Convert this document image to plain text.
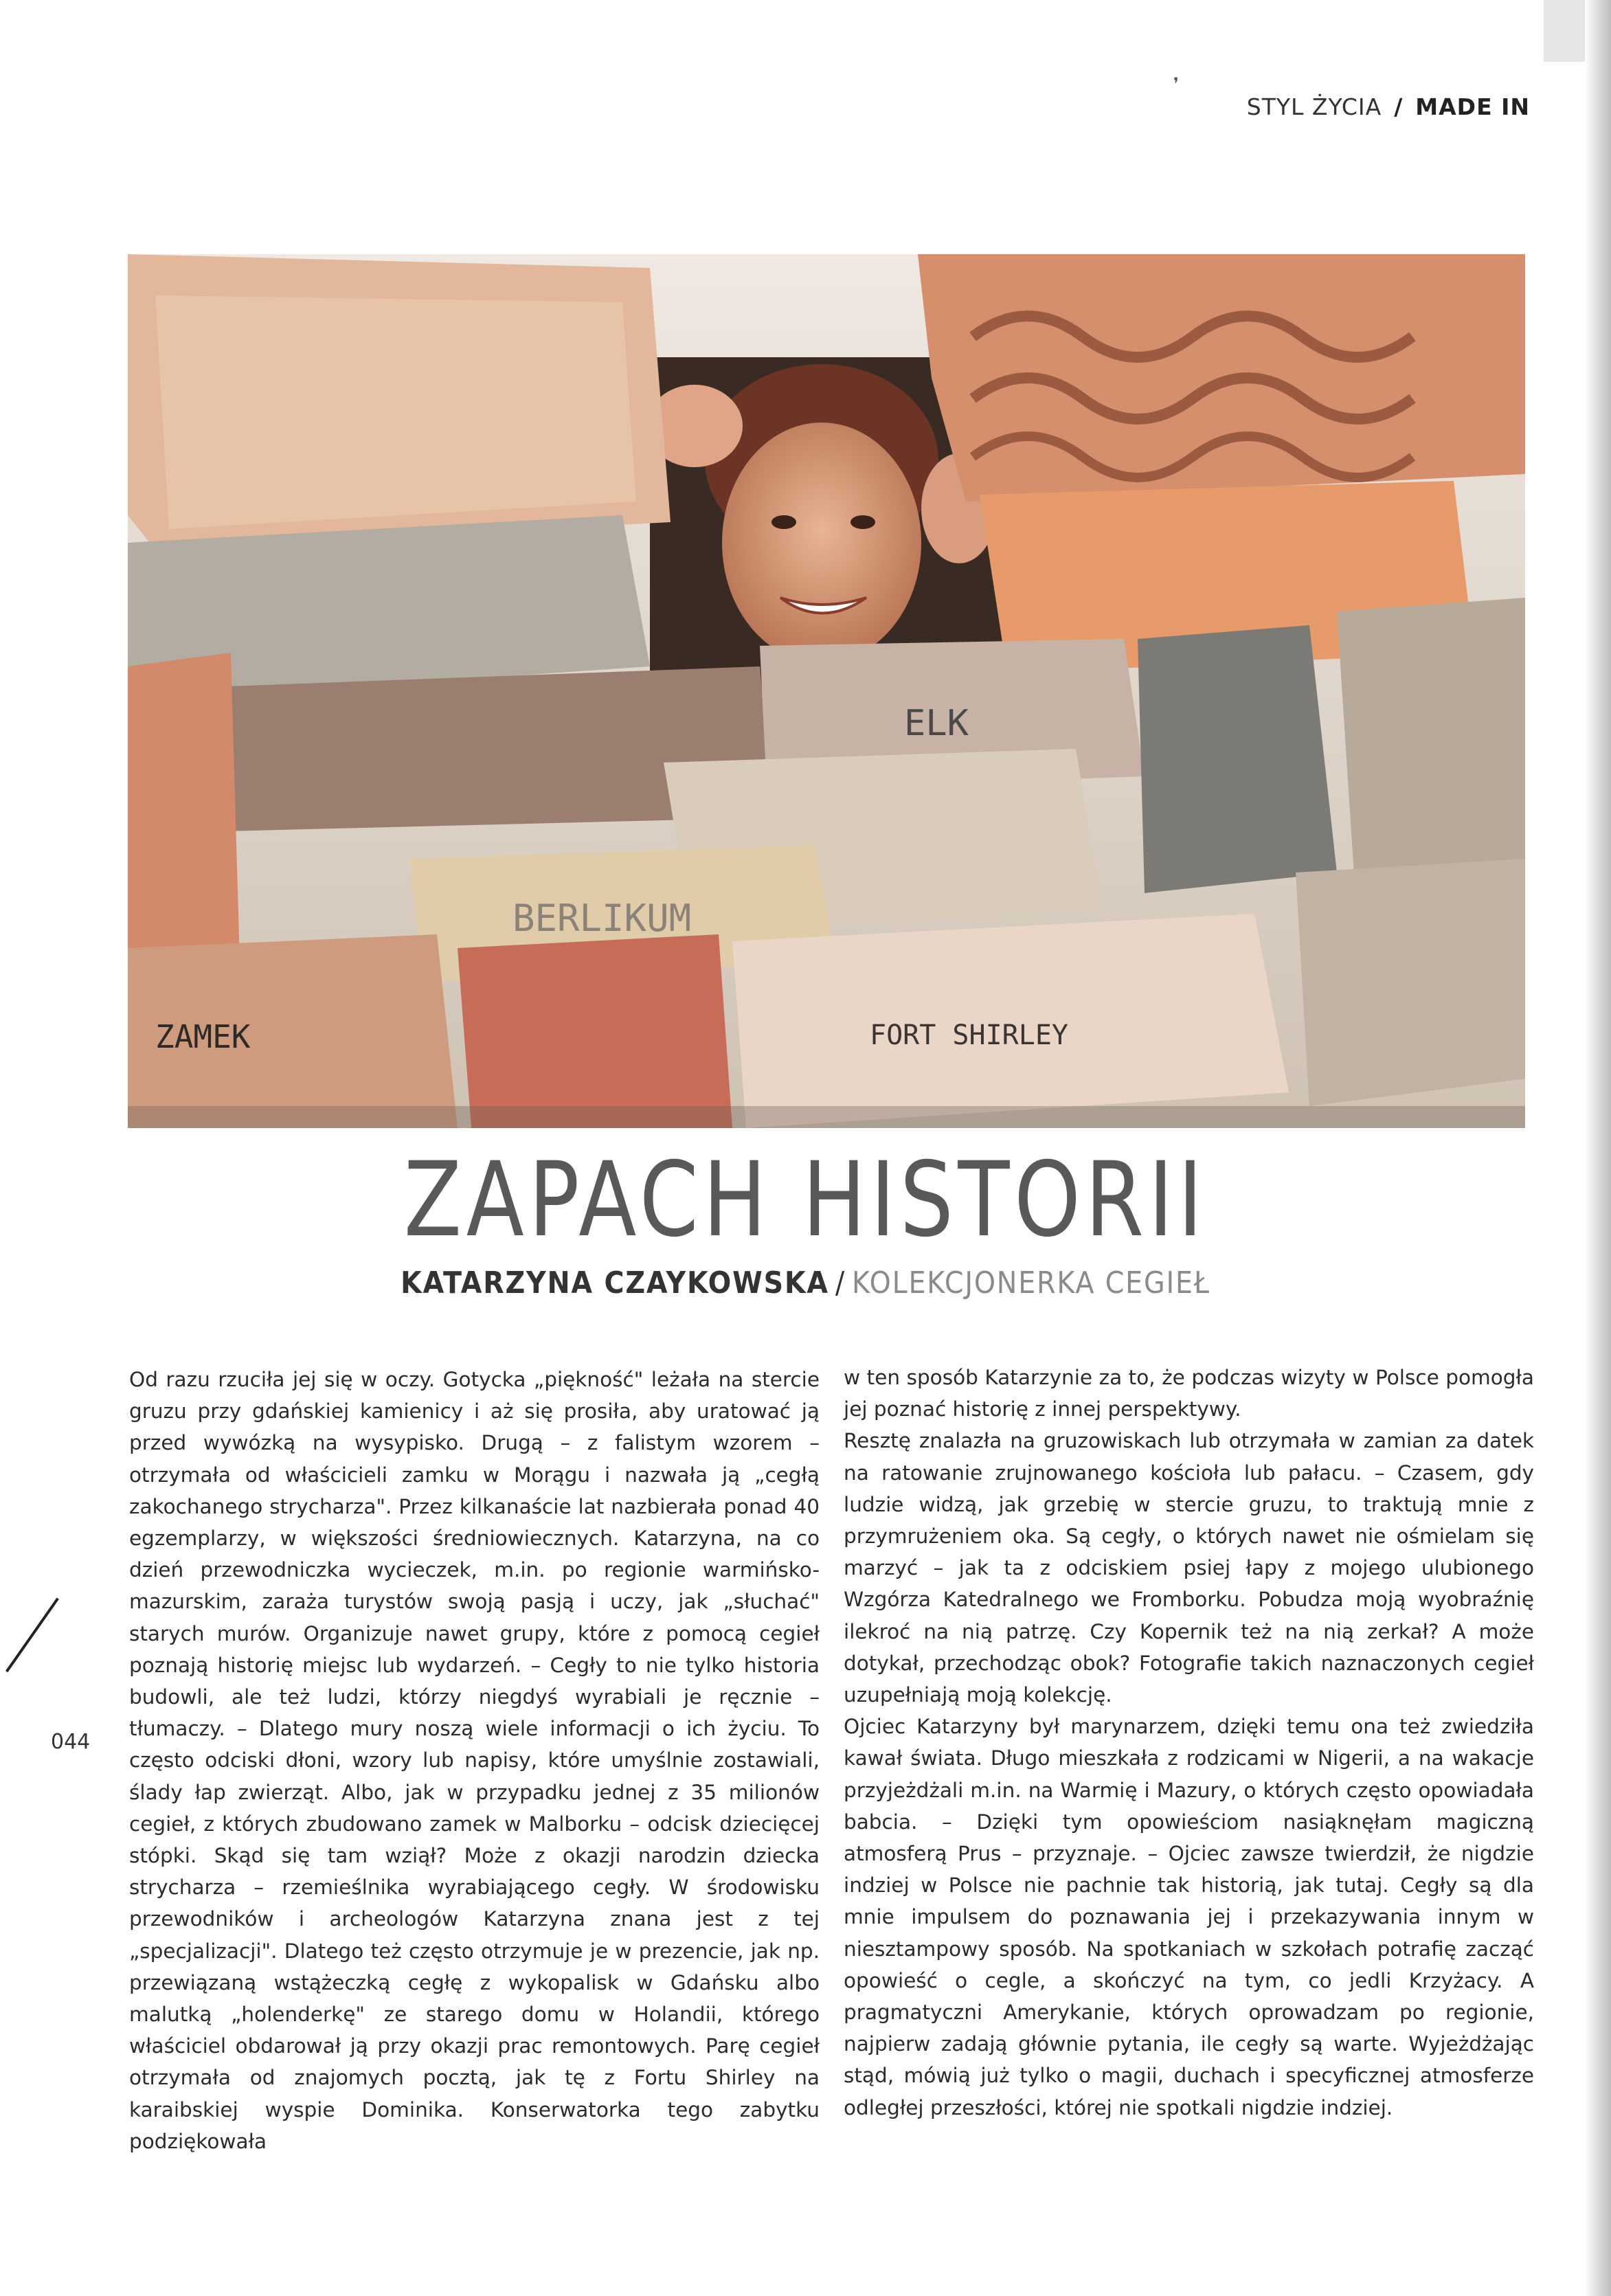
❜
STYL ŻYCIA / MADE IN
ELK
BERLIKUM
ZAMEK	FORT SHIRLEY
ZAPACH HISTORII
KATARZYNA CZAYKOWSKA / KOLEKCJONERKA CEGIEŁ

Od razu rzuciła jej się w oczy. Gotycka „piękność" leżała na stercie gruzu przy gdańskiej kamienicy i aż się prosiła, aby uratować ją przed wywózką na wysypisko. Drugą – z falistym wzorem – otrzymała od właścicieli zamku w Morągu i nazwała ją „cegłą zakochanego strycharza". Przez kilkanaście lat nazbierała ponad 40 egzemplarzy, w większości średniowiecznych. Katarzyna, na co dzień przewodniczka wycieczek, m.in. po regionie warmińsko-mazurskim, zaraża turystów swoją pasją i uczy, jak „słuchać" starych murów. Organizuje nawet grupy, które z pomocą cegieł poznają historię miejsc lub wydarzeń. – Cegły to nie tylko historia budowli, ale też ludzi, którzy niegdyś wyrabiali je ręcznie – tłumaczy. – Dlatego mury noszą wiele informacji o ich życiu. To często odciski dłoni, wzory lub napisy, które umyślnie zostawiali, ślady łap zwierząt. Albo, jak w przypadku jednej z 35 milionów cegieł, z których zbudowano zamek w Malborku – odcisk dziecięcej stópki. Skąd się tam wziął? Może z okazji narodzin dziecka strycharza – rzemieślnika wyrabiającego cegły. W środowisku przewodników i archeologów Katarzyna znana jest z tej „specjalizacji". Dlatego też często otrzymuje je w prezencie, jak np. przewiązaną wstążeczką cegłę z wykopalisk w Gdańsku albo malutką „holenderkę" ze starego domu w Holandii, którego właściciel obdarował ją przy okazji prac remontowych. Parę cegieł otrzymała od znajomych pocztą, jak tę z Fortu Shirley na karaibskiej wyspie Dominika. Konserwatorka tego zabytku podziękowała

w ten sposób Katarzynie za to, że podczas wizyty w Polsce pomogła jej poznać historię z innej perspektywy.

Resztę znalazła na gruzowiskach lub otrzymała w zamian za datek na ratowanie zrujnowanego kościoła lub pałacu. – Czasem, gdy ludzie widzą, jak grzebię w stercie gruzu, to traktują mnie z przymrużeniem oka. Są cegły, o których nawet nie ośmielam się marzyć – jak ta z odciskiem psiej łapy z mojego ulubionego Wzgórza Katedralnego we Fromborku. Pobudza moją wyobraźnię ilekroć na nią patrzę. Czy Kopernik też na nią zerkał? A może dotykał, przechodząc obok? Fotografie takich naznaczonych cegieł uzupełniają moją kolekcję.

Ojciec Katarzyny był marynarzem, dzięki temu ona też zwiedziła kawał świata. Długo mieszkała z rodzicami w Nigerii, a na wakacje przyjeżdżali m.in. na Warmię i Mazury, o których często opowiadała babcia. – Dzięki tym opowieściom nasiąknęłam magiczną atmosferą Prus – przyznaje. – Ojciec zawsze twierdził, że nigdzie indziej w Polsce nie pachnie tak historią, jak tutaj. Cegły są dla mnie impulsem do poznawania jej i przekazywania innym w niesztampowy sposób. Na spotkaniach w szkołach potrafię zacząć opowieść o cegle, a skończyć na tym, co jedli Krzyżacy. A pragmatyczni Amerykanie, których oprowadzam po regionie, najpierw zadają głównie pytania, ile cegły są warte. Wyjeżdżając stąd, mówią już tylko o magii, duchach i specyficznej atmosferze odległej przeszłości, której nie spotkali nigdzie indziej.

044
